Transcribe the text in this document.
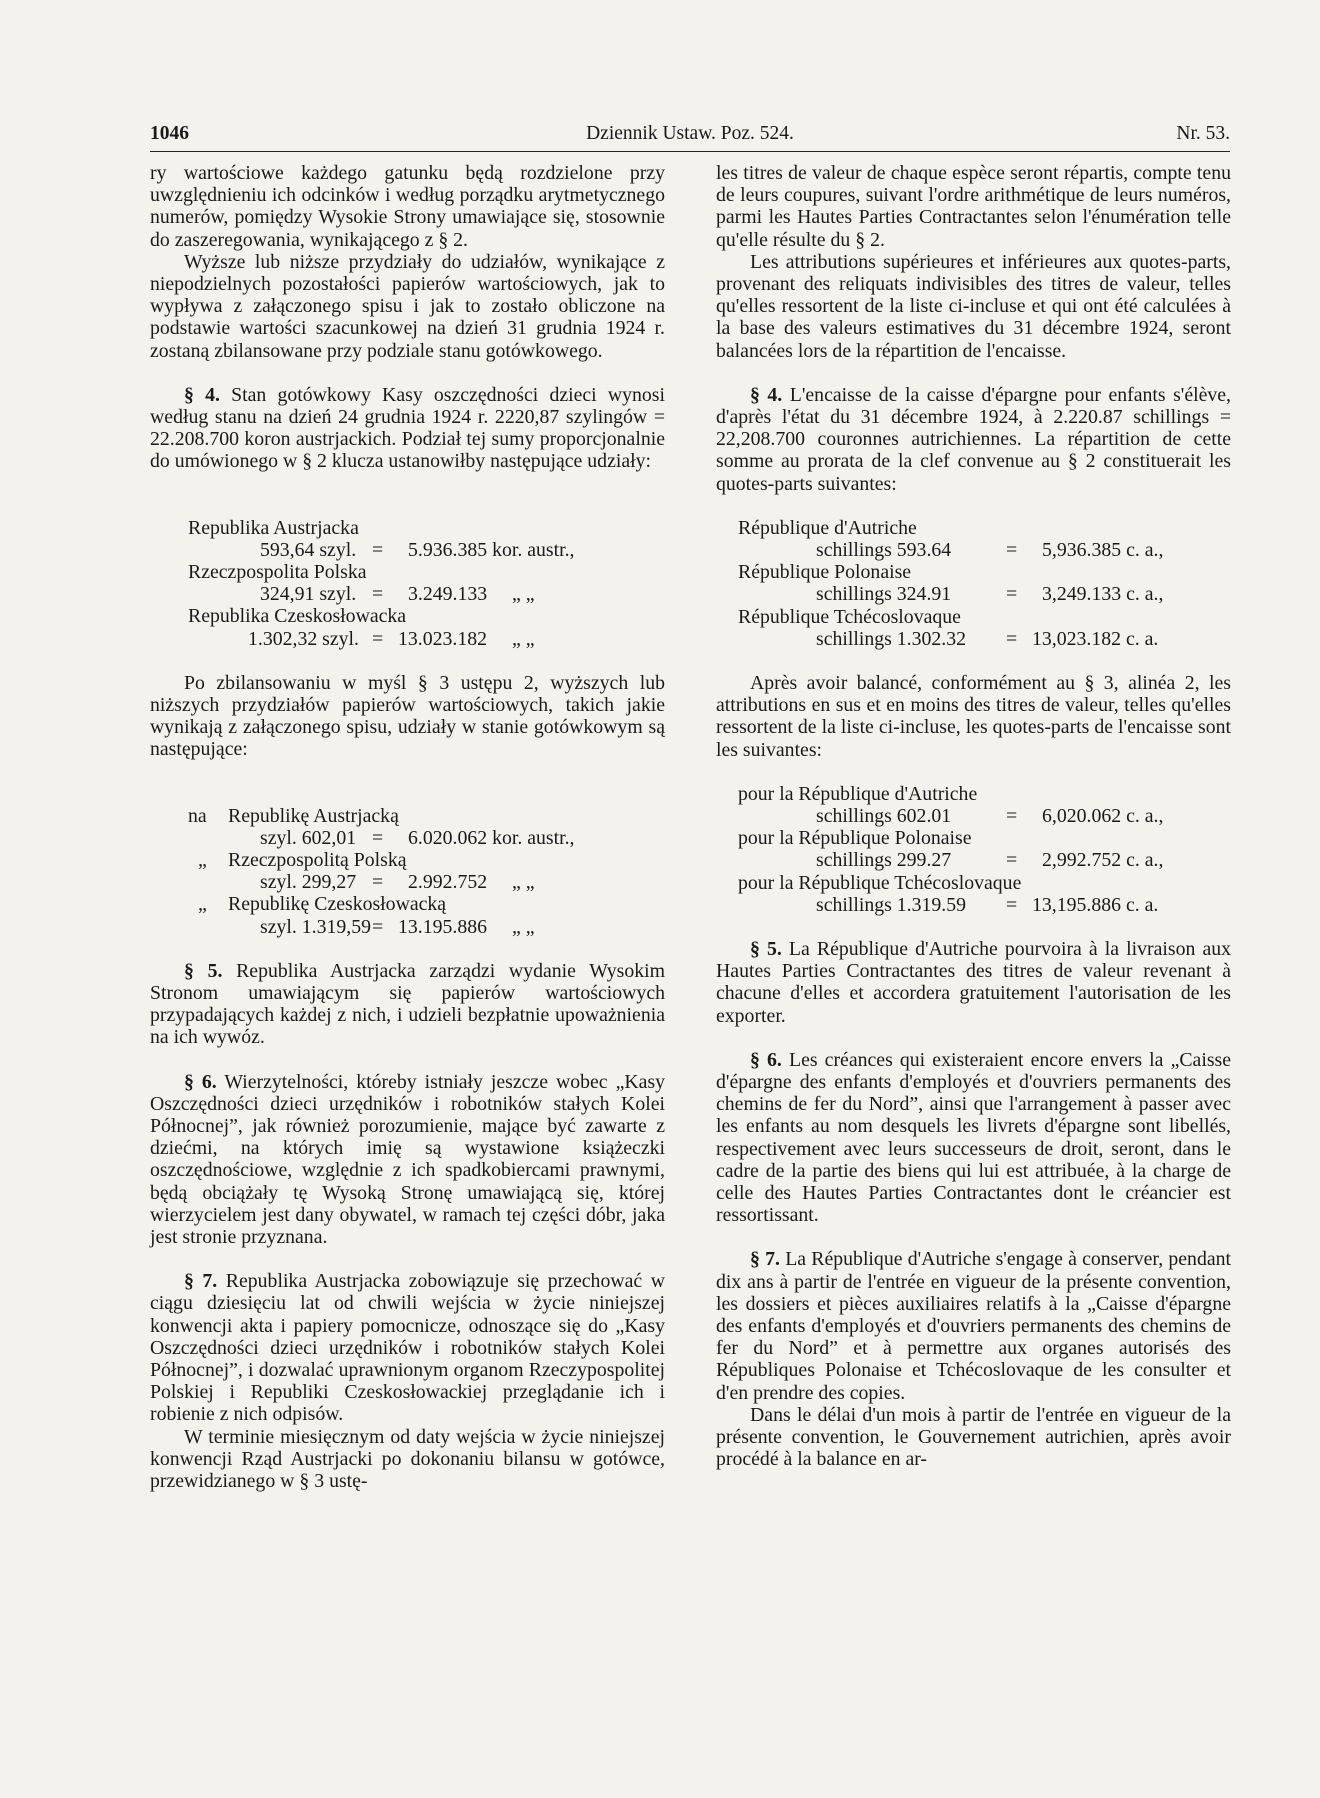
1046	Dziennik Ustaw. Poz. 524.	Nr. 53.

ry wartościowe każdego gatunku będą rozdzielone przy uwzględnieniu ich odcinków i według porządku arytmetycznego numerów, pomiędzy Wysokie Strony umawiające się, stosownie do zaszeregowania, wynikającego z § 2.

Wyższe lub niższe przydziały do udziałów, wynikające z niepodzielnych pozostałości papierów wartościowych, jak to wypływa z załączonego spisu i jak to zostało obliczone na podstawie wartości szacunkowej na dzień 31 grudnia 1924 r. zostaną zbilansowane przy podziale stanu gotówkowego.

§ 4. Stan gotówkowy Kasy oszczędności dzieci wynosi według stanu na dzień 24 grudnia 1924 r. 2220,87 szylingów = 22.208.700 koron austrjackich. Podział tej sumy proporcjonalnie do umówionego w § 2 klucza ustanowiłby następujące udziały:

Republika Austrjacka
593,64 szyl. = 5.936.385 kor. austr.,
Rzeczpospolita Polska
324,91 szyl. = 3.249.133 „ „
Republika Czeskosłowacka
1.302,32 szyl. = 13.023.182 „ „

Po zbilansowaniu w myśl § 3 ustępu 2, wyższych lub niższych przydziałów papierów wartościowych, takich jakie wynikają z załączonego spisu, udziały w stanie gotówkowym są następujące:

na Republikę Austrjacką
szyl. 602,01 = 6.020.062 kor. austr.,
„ Rzeczpospolitą Polską
szyl. 299,27 = 2.992.752 „ „
„ Republikę Czeskosłowacką
szyl. 1.319,59 = 13.195.886 „ „

§ 5. Republika Austrjacka zarządzi wydanie Wysokim Stronom umawiającym się papierów wartościowych przypadających każdej z nich, i udzieli bezpłatnie upoważnienia na ich wywóz.

§ 6. Wierzytelności, któreby istniały jeszcze wobec „Kasy Oszczędności dzieci urzędników i robotników stałych Kolei Północnej”, jak również porozumienie, mające być zawarte z dziećmi, na których imię są wystawione książeczki oszczędnościowe, względnie z ich spadkobiercami prawnymi, będą obciążały tę Wysoką Stronę umawiającą się, której wierzycielem jest dany obywatel, w ramach tej części dóbr, jaka jest stronie przyznana.

§ 7. Republika Austrjacka zobowiązuje się przechować w ciągu dziesięciu lat od chwili wejścia w życie niniejszej konwencji akta i papiery pomocnicze, odnoszące się do „Kasy Oszczędności dzieci urzędników i robotników stałych Kolei Północnej”, i dozwalać uprawnionym organom Rzeczypospolitej Polskiej i Republiki Czeskosłowackiej przeglądanie ich i robienie z nich odpisów.

W terminie miesięcznym od daty wejścia w życie niniejszej konwencji Rząd Austrjacki po dokonaniu bilansu w gotówce, przewidzianego w § 3 ustę-

les titres de valeur de chaque espèce seront répartis, compte tenu de leurs coupures, suivant l'ordre arithmétique de leurs numéros, parmi les Hautes Parties Contractantes selon l'énumération telle qu'elle résulte du § 2.

Les attributions supérieures et inférieures aux quotes-parts, provenant des reliquats indivisibles des titres de valeur, telles qu'elles ressortent de la liste ci-incluse et qui ont été calculées à la base des valeurs estimatives du 31 décembre 1924, seront balancées lors de la répartition de l'encaisse.

§ 4. L'encaisse de la caisse d'épargne pour enfants s'élève, d'après l'état du 31 décembre 1924, à 2.220.87 schillings = 22,208.700 couronnes autrichiennes. La répartition de cette somme au prorata de la clef convenue au § 2 constituerait les quotes-parts suivantes:

République d'Autriche
schillings 593.64	= 5,936.385 c. a.,
République Polonaise
schillings 324.91	= 3,249.133 c. a.,
République Tchécoslovaque
schillings 1.302.32 = 13,023.182 c. a.

Après avoir balancé, conformément au § 3, alinéa 2, les attributions en sus et en moins des titres de valeur, telles qu'elles ressortent de la liste ci-incluse, les quotes-parts de l'encaisse sont les suivantes:

pour la République d'Autriche
schillings 602.01	= 6,020.062 c. a.,
pour la République Polonaise
schillings 299.27	= 2,992.752 c. a.,
pour la République Tchécoslovaque
schillings 1.319.59 = 13,195.886 c. a.

§ 5. La République d'Autriche pourvoira à la livraison aux Hautes Parties Contractantes des titres de valeur revenant à chacune d'elles et accordera gratuitement l'autorisation de les exporter.

§ 6. Les créances qui existeraient encore envers la „Caisse d'épargne des enfants d'employés et d'ouvriers permanents des chemins de fer du Nord”, ainsi que l'arrangement à passer avec les enfants au nom desquels les livrets d'épargne sont libellés, respectivement avec leurs successeurs de droit, seront, dans le cadre de la partie des biens qui lui est attribuée, à la charge de celle des Hautes Parties Contractantes dont le créancier est ressortissant.

§ 7. La République d'Autriche s'engage à conserver, pendant dix ans à partir de l'entrée en vigueur de la présente convention, les dossiers et pièces auxiliaires relatifs à la „Caisse d'épargne des enfants d'employés et d'ouvriers permanents des chemins de fer du Nord” et à permettre aux organes autorisés des Républiques Polonaise et Tchécoslovaque de les consulter et d'en prendre des copies.

Dans le délai d'un mois à partir de l'entrée en vigueur de la présente convention, le Gouvernement autrichien, après avoir procédé à la balance en ar-
